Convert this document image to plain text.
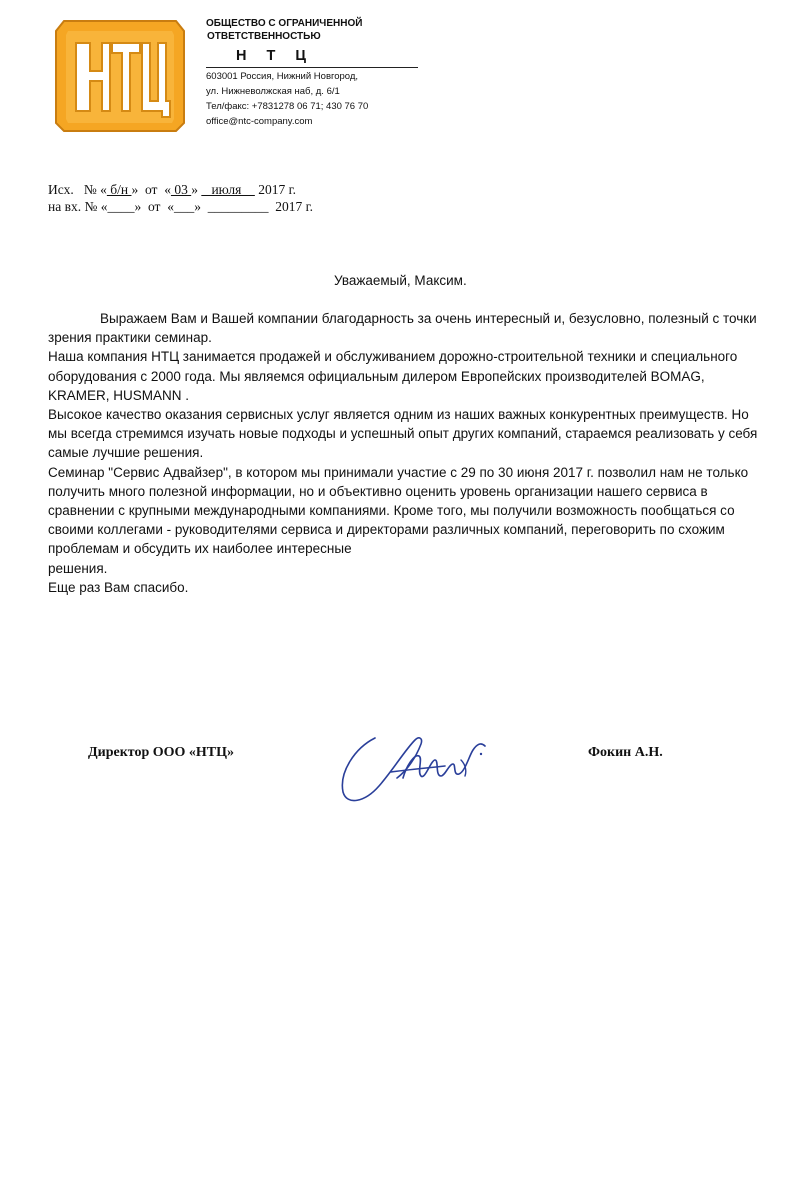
ОБЩЕСТВО С ОГРАНИЧЕННОЙ
ОТВЕТСТВЕННОСТЬЮ
Н Т Ц
603001 Россия, Нижний Новгород,
ул. Нижневолжская наб, д. 6/1
Тел/факс: +7831278 06 71; 430 76 70
office@ntc-company.com
Исх. № « б/н » от « 03 »    июля     2017 г.
на вх. № «____»  от  «___»  _________  2017 г.
Уважаемый, Максим.

Выражаем Вам и Вашей компании благодарность за очень интересный и, безусловно, полезный с точки зрения практики семинар.

Наша компания НТЦ занимается продажей и обслуживанием дорожно-строительной техники и специального оборудования с 2000 года. Мы являемся официальным дилером Европейских производителей BOMAG, KRAMER, HUSMANN .

Высокое качество оказания сервисных услуг является одним из наших важных конкурентных преимуществ. Но мы всегда стремимся изучать новые подходы и успешный опыт других компаний, стараемся реализовать у себя самые лучшие решения.

Семинар "Сервис Адвайзер", в котором мы принимали участие с 29 по 30 июня 2017 г. позволил нам не только получить много полезной информации, но и объективно оценить уровень организации нашего сервиса в сравнении с крупными международными компаниями. Кроме того, мы получили возможность пообщаться со своими коллегами - руководителями сервиса и директорами различных компаний, переговорить по схожим проблемам и обсудить их наиболее интересные

решения.

Еще раз Вам спасибо.

Директор ООО «НТЦ»	Фокин А.Н.
